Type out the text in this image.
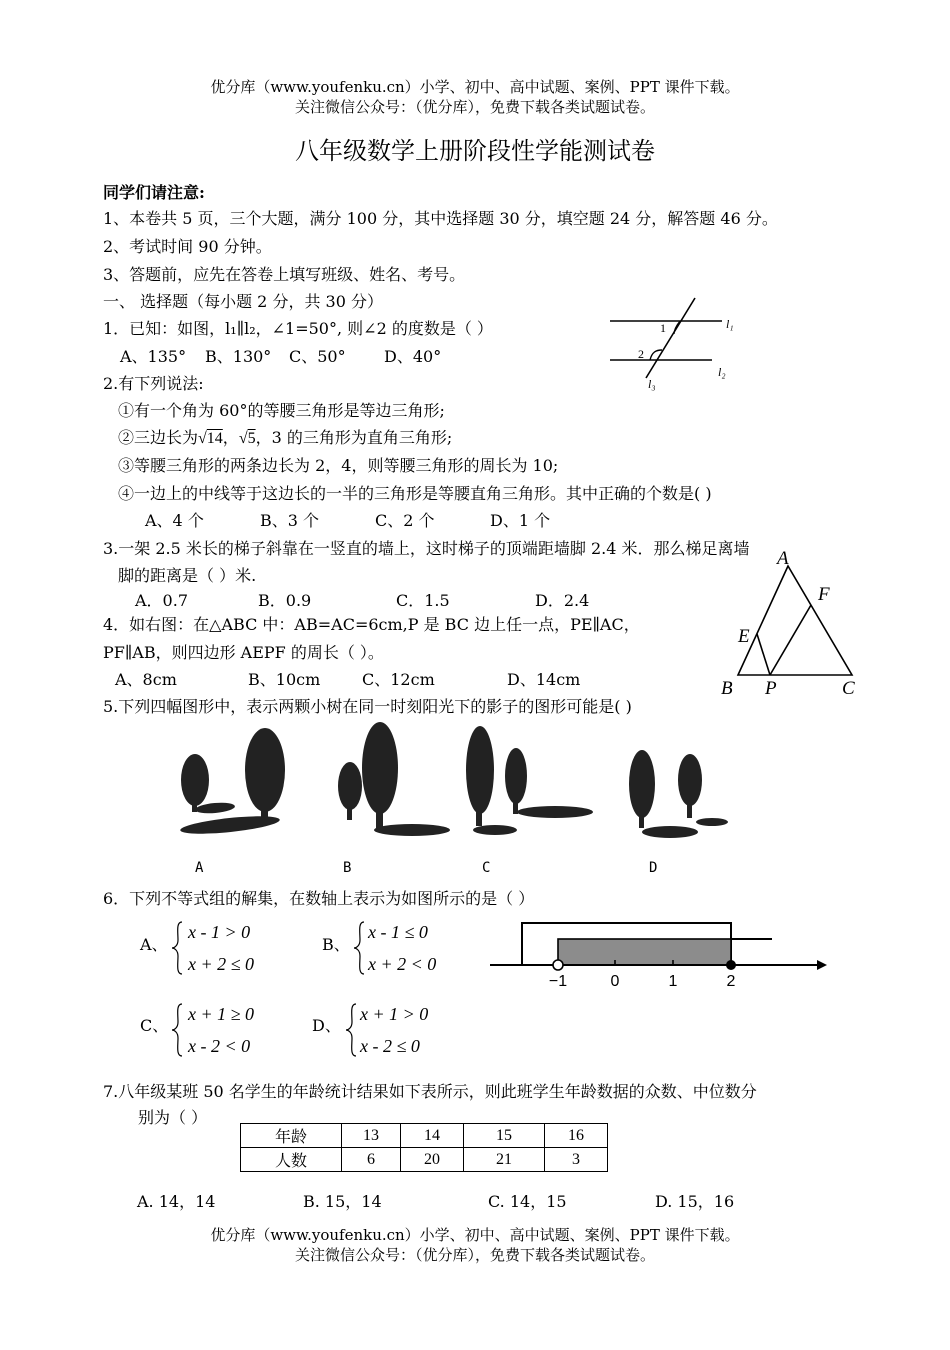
优分库（www.youfenku.cn）小学、初中、高中试题、案例、PPT 课件下载。
关注微信公众号：（优分库），免费下载各类试题试卷。
八年级数学上册阶段性学能测试卷
同学们请注意:
1、本卷共 5 页，三个大题，满分 100 分，其中选择题 30 分，填空题 24 分，解答题 46 分。
2、考试时间 90 分钟。
3、答题前，应先在答卷上填写班级、姓名、考号。
一、 选择题（每小题 2 分，共 30 分）
1．已知：如图，l₁∥l₂，∠1=50°, 则∠2 的度数是（ ）
A、135° B、130° C、50° D、40°
1
2
l₁
l₂
l₃
2.有下列说法:
①有一个角为 60°的等腰三角形是等边三角形;
②三边长为√14，√5，3 的三角形为直角三角形;
③等腰三角形的两条边长为 2，4，则等腰三角形的周长为 10;
④一边上的中线等于这边长的一半的三角形是等腰直角三角形。其中正确的个数是( )
A、4 个	B、3 个	C、2 个	D、1 个
3.一架 2.5 米长的梯子斜靠在一竖直的墙上，这时梯子的顶端距墙脚 2.4 米．那么梯足离墙
脚的距离是（ ）米.
A．0.7	B．0.9	C．1.5	D．2.4
4．如右图：在△ABC 中：AB=AC=6cm,P 是 BC 边上任一点，PE∥AC，
PF∥AB，则四边形 AEPF 的周长（ ）。
A、8cm	B、10cm	C、12cm	D、14cm
A
B	C
E
F
P
5.下列四幅图形中，表示两颗小树在同一时刻阳光下的影子的图形可能是( )
A	B	C	D
6．下列不等式组的解集，在数轴上表示为如图所示的是（ ）
A、
x - 1 > 0
x + 2 ≤ 0
B、
x - 1 ≤ 0
x + 2 < 0
C、
x + 1 ≥ 0
x - 2 < 0
D、
x + 1 > 0
x - 2 ≤ 0
−1	0	1	2
7.八年级某班 50 名学生的年龄统计结果如下表所示，则此班学生年龄数据的众数、中位数分
别为（ ）
年龄	13	14	15	16
人数	6	20	21	3
A. 14，14	B. 15，14	C. 14，15	D. 15，16
优分库（www.youfenku.cn）小学、初中、高中试题、案例、PPT 课件下载。
关注微信公众号：（优分库），免费下载各类试题试卷。
